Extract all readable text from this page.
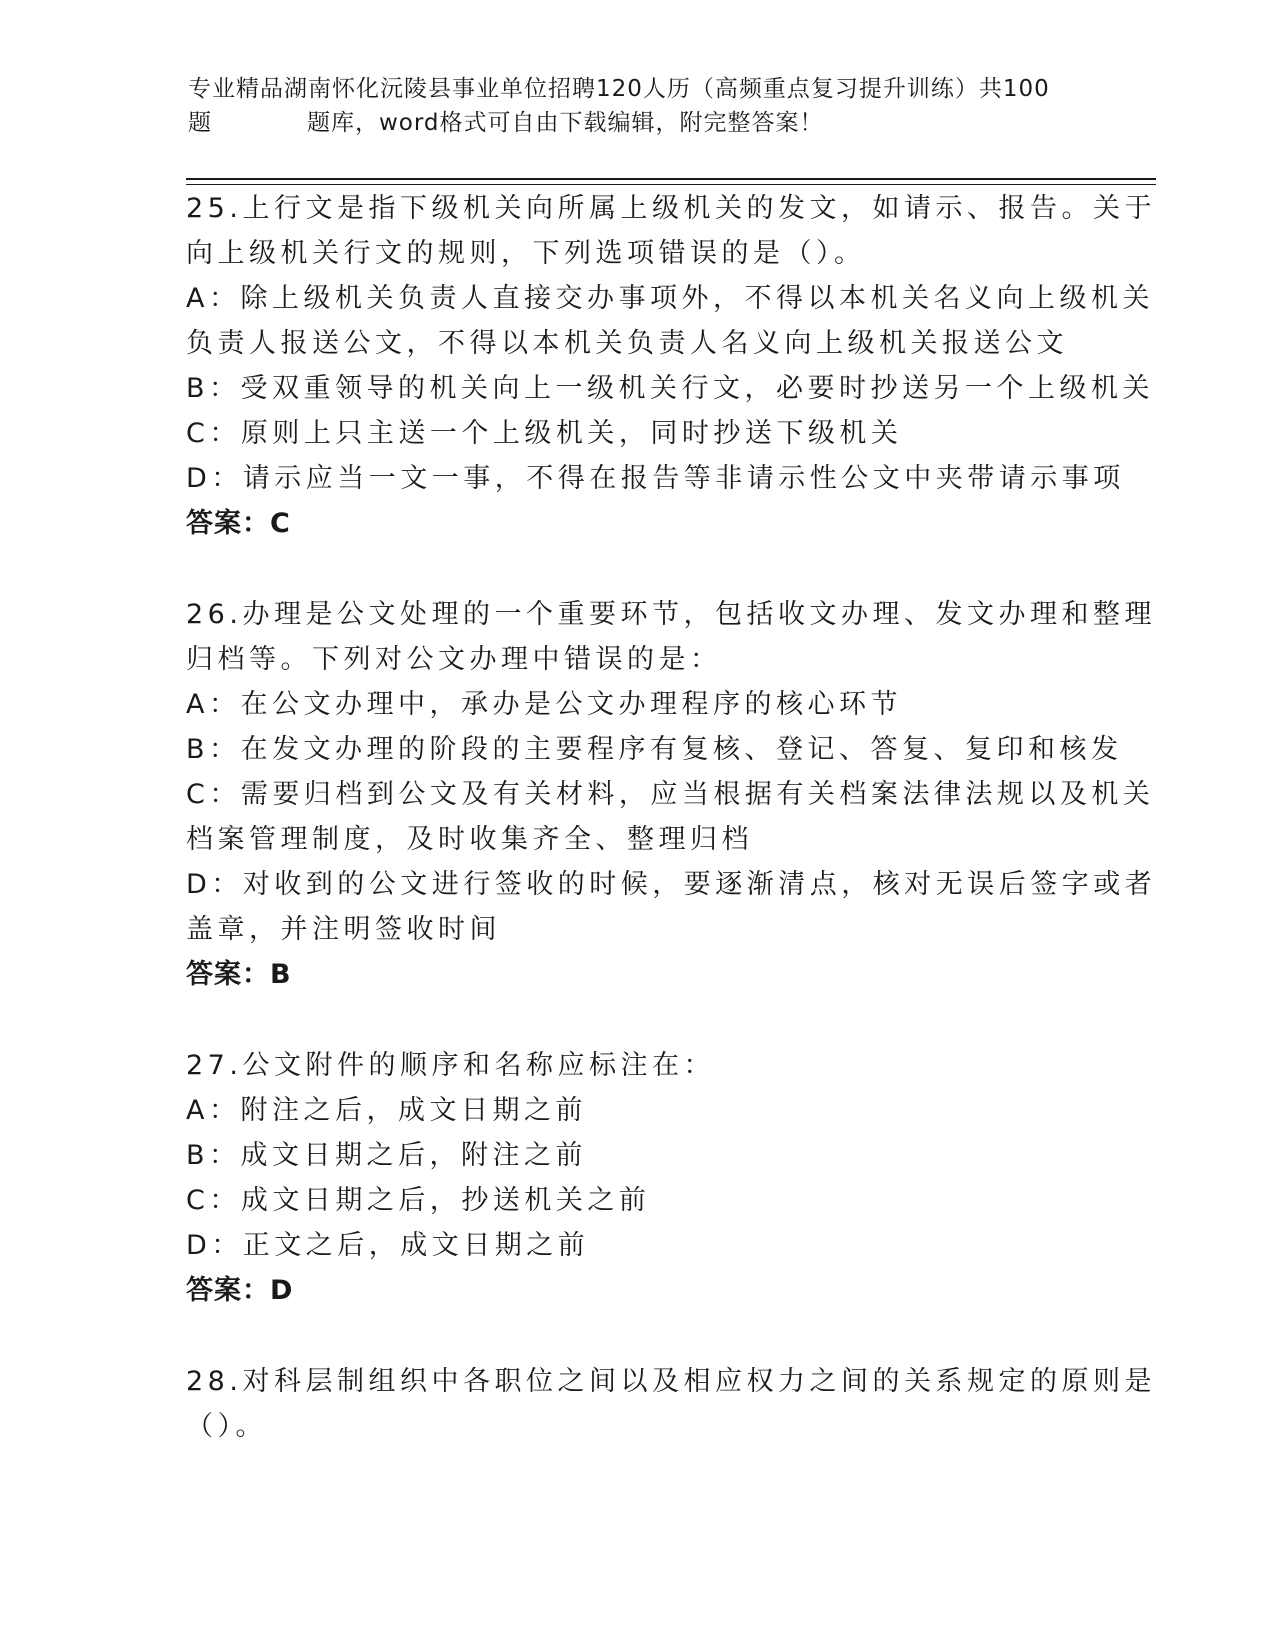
专业精品湖南怀化沅陵县事业单位招聘120人历（高频重点复习提升训练）共100
题	题库，word格式可自由下载编辑，附完整答案！
25.上行文是指下级机关向所属上级机关的发文，如请示、报告。关于
向上级机关行文的规则，下列选项错误的是（）。
A：除上级机关负责人直接交办事项外，不得以本机关名义向上级机关
负责人报送公文，不得以本机关负责人名义向上级机关报送公文
B：受双重领导的机关向上一级机关行文，必要时抄送另一个上级机关
C：原则上只主送一个上级机关，同时抄送下级机关
D：请示应当一文一事，不得在报告等非请示性公文中夹带请示事项
答案：C
26.办理是公文处理的一个重要环节，包括收文办理、发文办理和整理
归档等。下列对公文办理中错误的是：
A：在公文办理中，承办是公文办理程序的核心环节
B：在发文办理的阶段的主要程序有复核、登记、答复、复印和核发
C：需要归档到公文及有关材料，应当根据有关档案法律法规以及机关
档案管理制度，及时收集齐全、整理归档
D：对收到的公文进行签收的时候，要逐渐清点，核对无误后签字或者
盖章，并注明签收时间
答案：B
27.公文附件的顺序和名称应标注在：
A：附注之后，成文日期之前
B：成文日期之后，附注之前
C：成文日期之后，抄送机关之前
D：正文之后，成文日期之前
答案：D
28.对科层制组织中各职位之间以及相应权力之间的关系规定的原则是
（）。
